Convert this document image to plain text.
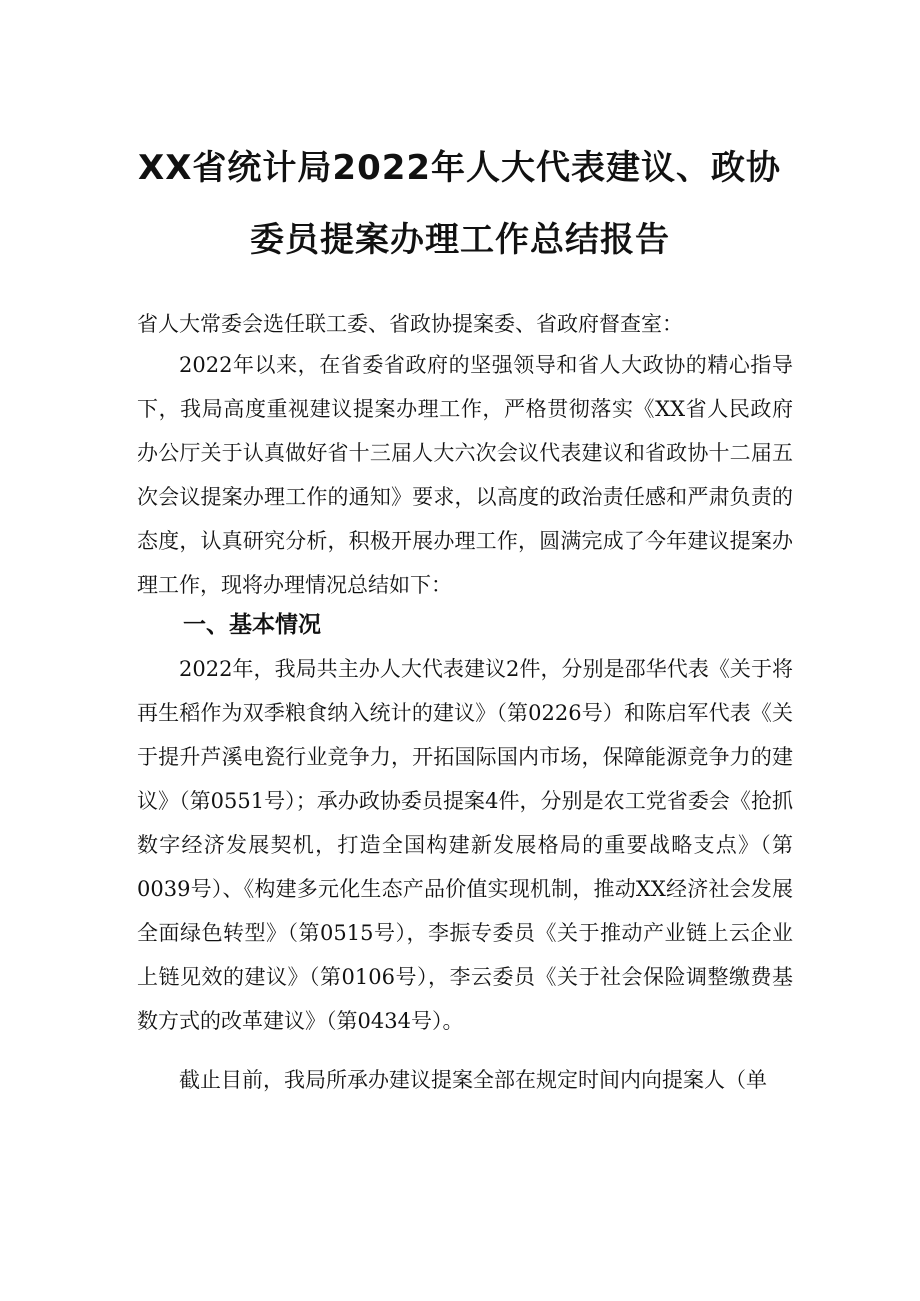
XX省统计局2022年人大代表建议、政协
委员提案办理工作总结报告
省人大常委会选任联工委、省政协提案委、省政府督查室：

2022年以来，在省委省政府的坚强领导和省人大政协的精心指导下，我局高度重视建议提案办理工作，严格贯彻落实《XX省人民政府办公厅关于认真做好省十三届人大六次会议代表建议和省政协十二届五次会议提案办理工作的通知》要求，以高度的政治责任感和严肃负责的态度，认真研究分析，积极开展办理工作，圆满完成了今年建议提案办理工作，现将办理情况总结如下：

一、基本情况

2022年，我局共主办人大代表建议2件，分别是邵华代表《关于将再生稻作为双季粮食纳入统计的建议》（第0226号）和陈启军代表《关于提升芦溪电瓷行业竞争力，开拓国际国内市场，保障能源竞争力的建议》（第0551号）；承办政协委员提案4件，分别是农工党省委会《抢抓数字经济发展契机，打造全国构建新发展格局的重要战略支点》（第0039号）、《构建多元化生态产品价值实现机制，推动XX经济社会发展全面绿色转型》（第0515号），李振专委员《关于推动产业链上云企业上链见效的建议》（第0106号），李云委员《关于社会保险调整缴费基数方式的改革建议》（第0434号）。

截止目前，我局所承办建议提案全部在规定时间内向提案人（单
